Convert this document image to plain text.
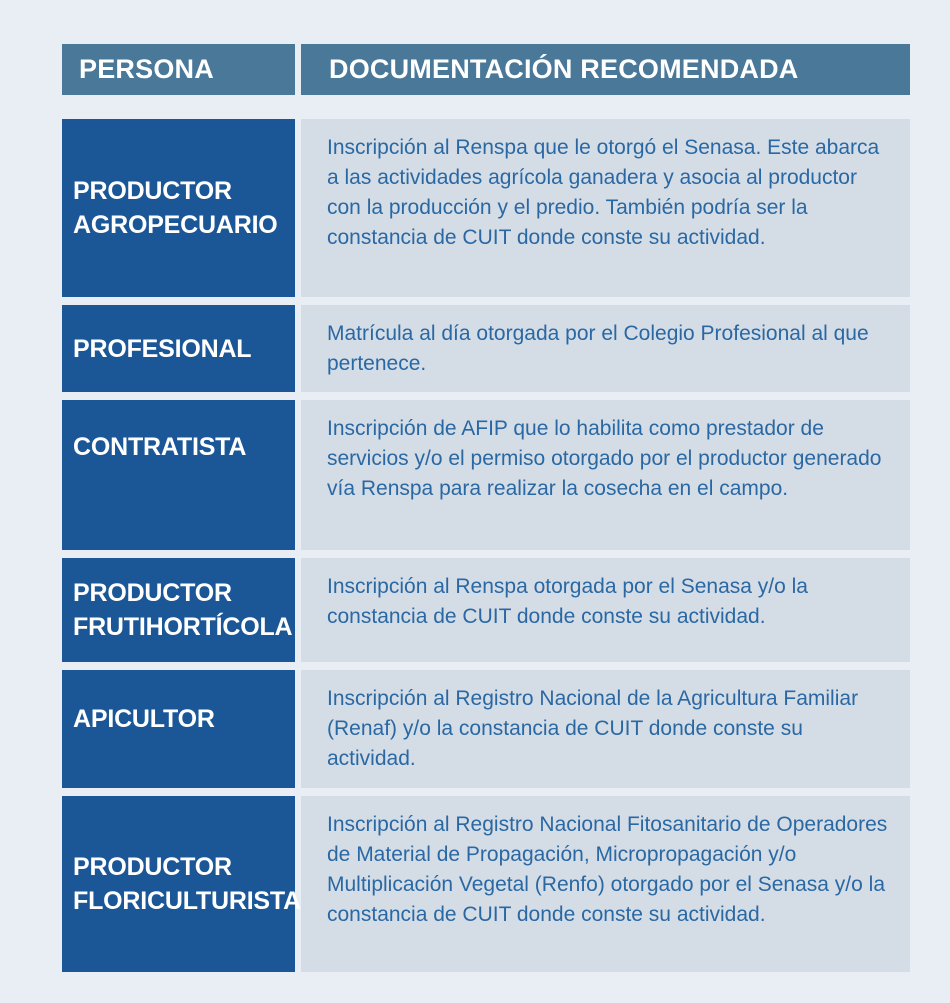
PERSONA	DOCUMENTACIÓN RECOMENDADA
PRODUCTOR
AGROPECUARIO
Inscripción al Renspa que le otorgó el Senasa. Este abarca a las actividades agrícola ganadera y asocia al productor con la producción y el predio. También podría ser la constancia de CUIT donde conste su actividad.
PROFESIONAL
Matrícula al día otorgada por el Colegio Profesional al que pertenece.
CONTRATISTA
Inscripción de AFIP que lo habilita como prestador de servicios y/o el permiso otorgado por el productor generado vía Renspa para realizar la cosecha en el campo.
PRODUCTOR
FRUTIHORTÍCOLA
Inscripción al Renspa otorgada por el Senasa y/o la constancia de CUIT donde conste su actividad.
APICULTOR
Inscripción al Registro Nacional de la Agricultura Familiar (Renaf) y/o la constancia de CUIT donde conste su actividad.
PRODUCTOR
FLORICULTURISTA
Inscripción al Registro Nacional Fitosanitario de Operadores de Material de Propagación, Micropropagación y/o Multiplicación Vegetal (Renfo) otorgado por el Senasa y/o la constancia de CUIT donde conste su actividad.
